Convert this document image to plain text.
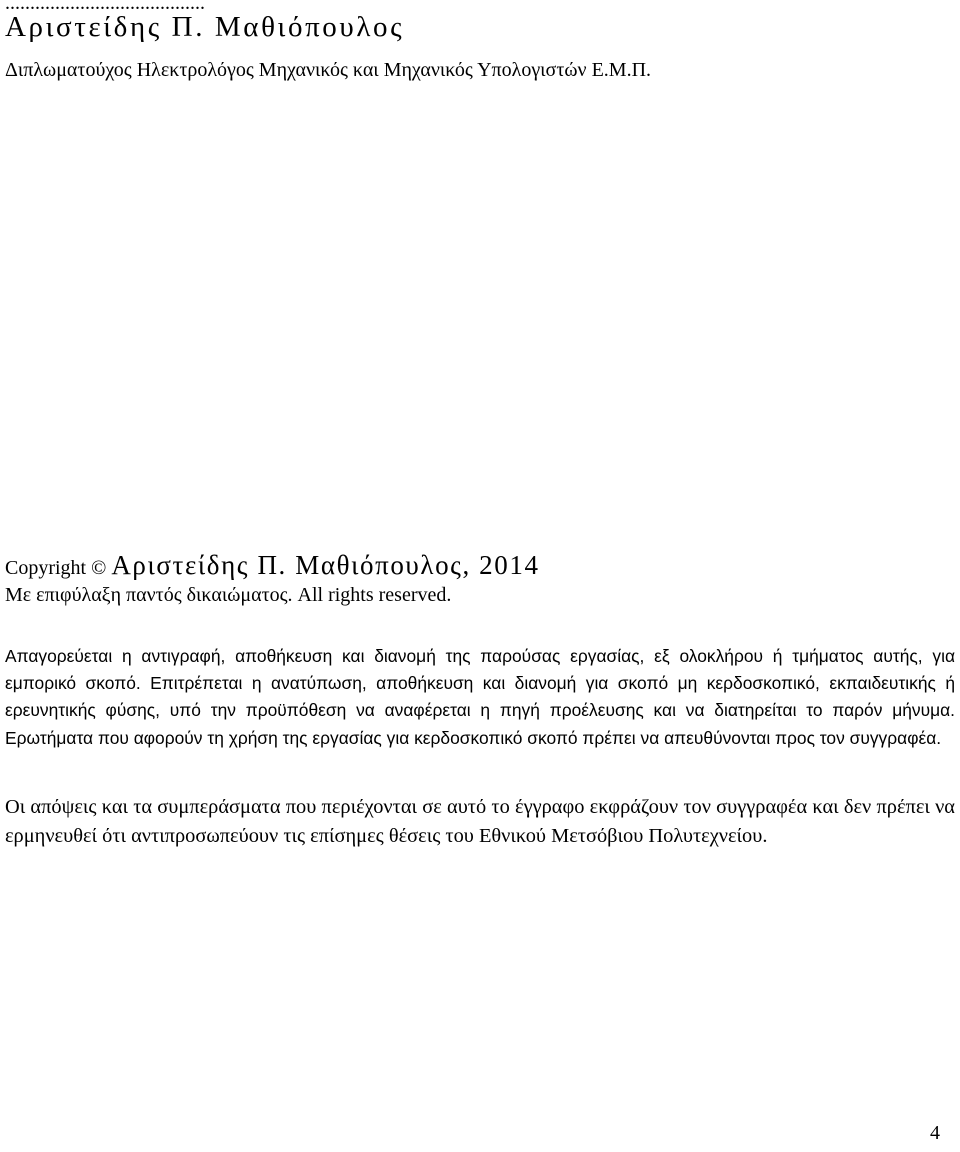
........................................
Αριστείδης Π. Μαθιόπουλος
Διπλωματούχος Ηλεκτρολόγος Μηχανικός και Μηχανικός Υπολογιστών Ε.Μ.Π.
Copyright © Αριστείδης Π. Μαθιόπουλος, 2014
Με επιφύλαξη παντός δικαιώματος. All rights reserved.

Απαγορεύεται η αντιγραφή, αποθήκευση και διανομή της παρούσας εργασίας, εξ ολοκλήρου ή τμήματος αυτής, για εμπορικό σκοπό. Επιτρέπεται η ανατύπωση, αποθήκευση και διανομή για σκοπό μη κερδοσκοπικό, εκπαιδευτικής ή ερευνητικής φύσης, υπό την προϋπόθεση να αναφέρεται η πηγή προέλευσης και να διατηρείται το παρόν μήνυμα. Ερωτήματα που αφορούν τη χρήση της εργασίας για κερδοσκοπικό σκοπό πρέπει να απευθύνονται προς τον συγγραφέα.

Οι απόψεις και τα συμπεράσματα που περιέχονται σε αυτό το έγγραφο εκφράζουν τον συγγραφέα και δεν πρέπει να ερμηνευθεί ότι αντιπροσωπεύουν τις επίσημες θέσεις του Εθνικού Μετσόβιου Πολυτεχνείου.

4
